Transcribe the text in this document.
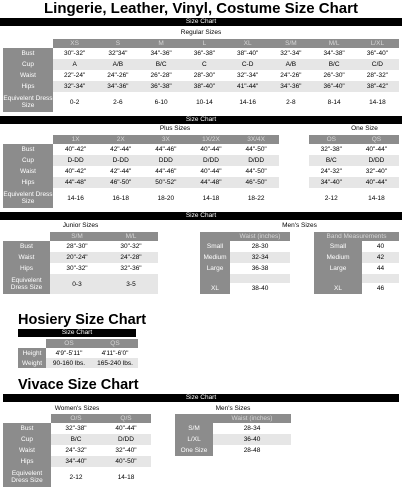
Lingerie, Leather, Vinyl, Costume Size Chart
Size Chart
Regular Sizes
	XS	S	M	L	XL	S/M	M/L	L/XL
Bust	30"-32"	32"34"	34"-36"	36"-38"	38"-40"	32"-34"	34"-38"	36"-40"
Cup	A	A/B	B/C	C	C-D	A/B	B/C	C/D
Waist	22"-24"	24"-26"	26"-28"	28"-30"	32"-34"	24"-26"	26"-30"	28"-32"
Hips	32"-34"	34"-36"	36"-38"	38"-40"	41"-44"	34"-36"	36"-40"	38"-42"
Equivelent Dress Size	0-2	2-6	6-10	10-14	14-16	2-8	8-14	14-18
Size Chart
Plus Sizes	One Size
	1X	2X	3X	1X/2X	3X/4X		OS	QS
Bust	40"-42"	42"-44"	44"-46"	40"-44"	44"-50"		32"-38"	40"-44"
Cup	D-DD	D-DD	DDD	D/DD	D/DD		B/C	D/DD
Waist	40"-42"	42"-44"	44"-46"	40"-44"	44"-50"		24"-32"	32"-40"
Hips	44"-48"	46"-50"	50"-52"	44"-48"	46"-50"		34"-40"	40"-44"
Equivelent Dress Size	14-16	16-18	18-20	14-18	18-22		2-12	14-18
Size Chart
Junior Sizes	Men's Sizes
	S/M	M/L
Bust	28"-30"	30"-32"
Waist	20"-24"	24"-28"
Hips	30"-32"	32"-36"
Equivelent Dress Size	0-3	3-5
	Waist (inches)		Band Measurements	
Small	28-30		Small	40
Medium	32-34		Medium	42
Large	36-38		Large	44

XL	38-40		XL	46
Hosiery Size Chart
Size Chart
	OS	QS
Height	4'9"-5'11"	4'11"-6'0"
Weight	90-160 lbs.	165-240 lbs.
Vivace Size Chart
Size Chart
Women's Sizes	Men's Sizes
	O/S	Q/S
Bust	32"-38"	40"-44"
Cup	B/C	D/DD
Waist	24"-32"	32"-40"
Hips	34"-40"	40"-50"
Equivelent Dress Size	2-12	14-18
	Waist (inches)
S/M	28-34
L/XL	36-40
One Size	28-48
